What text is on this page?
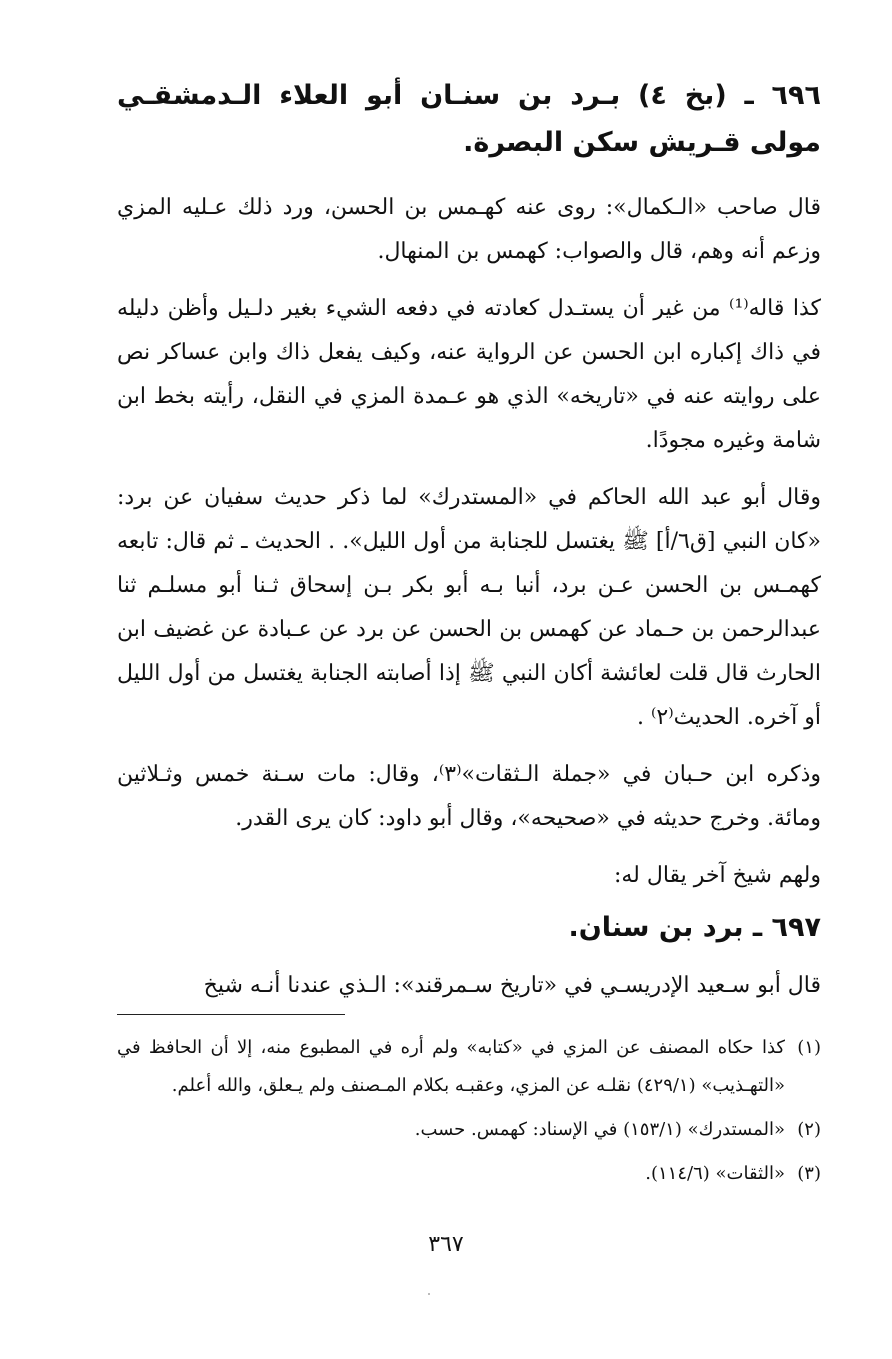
٦٩٦ ـ (بخ ٤) بـرد بن سنـان أبو العلاء الـدمشقـي مولى قـريش سكن البصرة.

قال صاحب «الـكمال»: روى عنه كهـمس بن الحسن، ورد ذلك عـليه المزي وزعم أنه وهم، قال والصواب: كهمس بن المنهال.

كذا قاله⁽¹⁾ من غير أن يستـدل كعادته في دفعه الشيء بغير دلـيل وأظن دليله في ذاك إكباره ابن الحسن عن الرواية عنه، وكيف يفعل ذاك وابن عساكر نص على روايته عنه في «تاريخه» الذي هو عـمدة المزي في النقل، رأيته بخط ابن شامة وغيره مجودًا.

وقال أبو عبد الله الحاكم في «المستدرك» لما ذكر حديث سفيان عن برد: «كان النبي [ق٦/أ] ﷺ يغتسل للجنابة من أول الليل». . الحديث ـ ثم قال: تابعه كهمـس بن الحسن عـن برد، أنبا بـه أبو بكر بـن إسحاق ثـنا أبو مسلـم ثنا عبدالرحمن بن حـماد عن كهمس بن الحسن عن برد عن عـبادة عن غضيف ابن الحارث قال قلت لعائشة أكان النبي ﷺ إذا أصابته الجنابة يغتسل من أول الليل أو آخره. الحديث⁽٢⁾ .

وذكره ابن حـبان في «جملة الـثقات»⁽٣⁾، وقال: مات سـنة خمس وثـلاثين ومائة. وخرج حديثه في «صحيحه»، وقال أبو داود: كان يرى القدر.

ولهم شيخ آخر يقال له:

٦٩٧ ـ برد بن سنان.

قال أبو سـعيد الإدريسـي في «تاريخ سـمرقند»: الـذي عندنا أنـه شيخ

(١)
كذا حكاه المصنف عن المزي في «كتابه» ولم أره في المطبوع منه، إلا أن الحافظ في «التهـذيب» (٤٢٩/١) نقلـه عن المزي، وعقبـه بكلام المـصنف ولم يـعلق، والله أعلم.
(٢)
«المستدرك» (١٥٣/١) في الإسناد: كهمس. حسب.
(٣)
«الثقات» (١١٤/٦).
٣٦٧
